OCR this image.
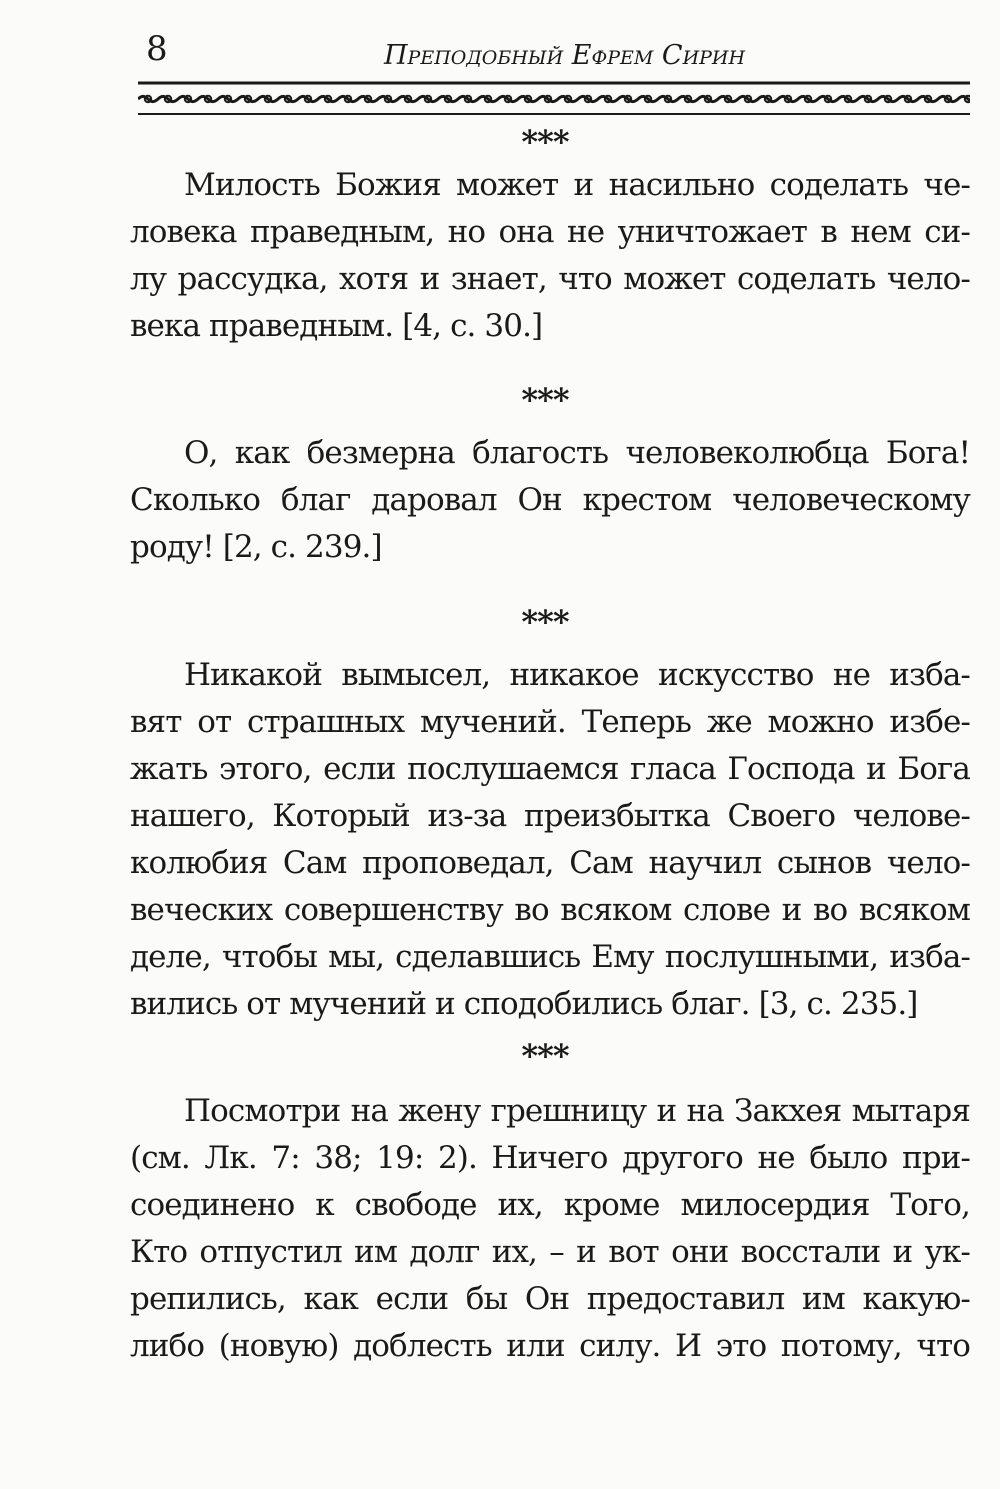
8	Преподобный Ефрем Сирин
***
Милость Божия может и насильно соделать че-
ловека праведным, но она не уничтожает в нем си-
лу рассудка, хотя и знает, что может соделать чело-
века праведным. [4, с. 30.]
***
О, как безмерна благость человеколюбца Бога!
Сколько благ даровал Он крестом человеческому
роду! [2, с. 239.]
***
Никакой вымысел, никакое искусство не изба-
вят от страшных мучений. Теперь же можно избе-
жать этого, если послушаемся гласа Господа и Бога
нашего, Который из-за преизбытка Своего челове-
колюбия Сам проповедал, Сам научил сынов чело-
веческих совершенству во всяком слове и во всяком
деле, чтобы мы, сделавшись Ему послушными, изба-
вились от мучений и сподобились благ. [3, с. 235.]
***
Посмотри на жену грешницу и на Закхея мытаря
(см. Лк. 7: 38; 19: 2). Ничего другого не было при-
соединено к свободе их, кроме милосердия Того,
Кто отпустил им долг их, – и вот они восстали и ук-
репились, как если бы Он предоставил им какую-
либо (новую) доблесть или силу. И это потому, что
